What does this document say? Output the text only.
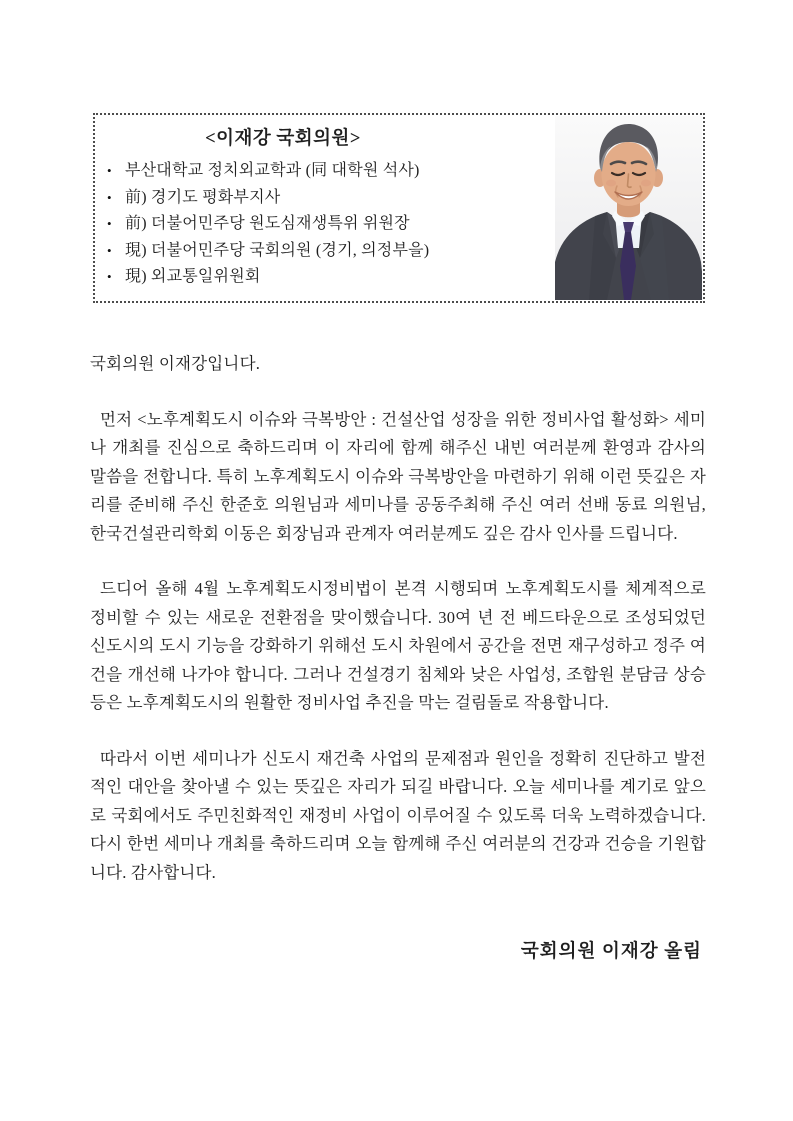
<이재강 국회의원>
• 부산대학교 정치외교학과 (同 대학원 석사)
• 前) 경기도 평화부지사
• 前) 더불어민주당 원도심재생특위 위원장
• 現) 더불어민주당 국회의원 (경기, 의정부을)
• 現) 외교통일위원회

국회의원 이재강입니다.

먼저 <노후계획도시 이슈와 극복방안 : 건설산업 성장을 위한 정비사업 활성화> 세미나 개최를 진심으로 축하드리며 이 자리에 함께 해주신 내빈 여러분께 환영과 감사의 말씀을 전합니다. 특히 노후계획도시 이슈와 극복방안을 마련하기 위해 이런 뜻깊은 자리를 준비해 주신 한준호 의원님과 세미나를 공동주최해 주신 여러 선배 동료 의원님, 한국건설관리학회 이동은 회장님과 관계자 여러분께도 깊은 감사 인사를 드립니다.

드디어 올해 4월 노후계획도시정비법이 본격 시행되며 노후계획도시를 체계적으로 정비할 수 있는 새로운 전환점을 맞이했습니다. 30여 년 전 베드타운으로 조성되었던 신도시의 도시 기능을 강화하기 위해선 도시 차원에서 공간을 전면 재구성하고 정주 여건을 개선해 나가야 합니다. 그러나 건설경기 침체와 낮은 사업성, 조합원 분담금 상승 등은 노후계획도시의 원활한 정비사업 추진을 막는 걸림돌로 작용합니다.

따라서 이번 세미나가 신도시 재건축 사업의 문제점과 원인을 정확히 진단하고 발전적인 대안을 찾아낼 수 있는 뜻깊은 자리가 되길 바랍니다. 오늘 세미나를 계기로 앞으로 국회에서도 주민친화적인 재정비 사업이 이루어질 수 있도록 더욱 노력하겠습니다. 다시 한번 세미나 개최를 축하드리며 오늘 함께해 주신 여러분의 건강과 건승을 기원합니다. 감사합니다.

국회의원 이재강 올림
